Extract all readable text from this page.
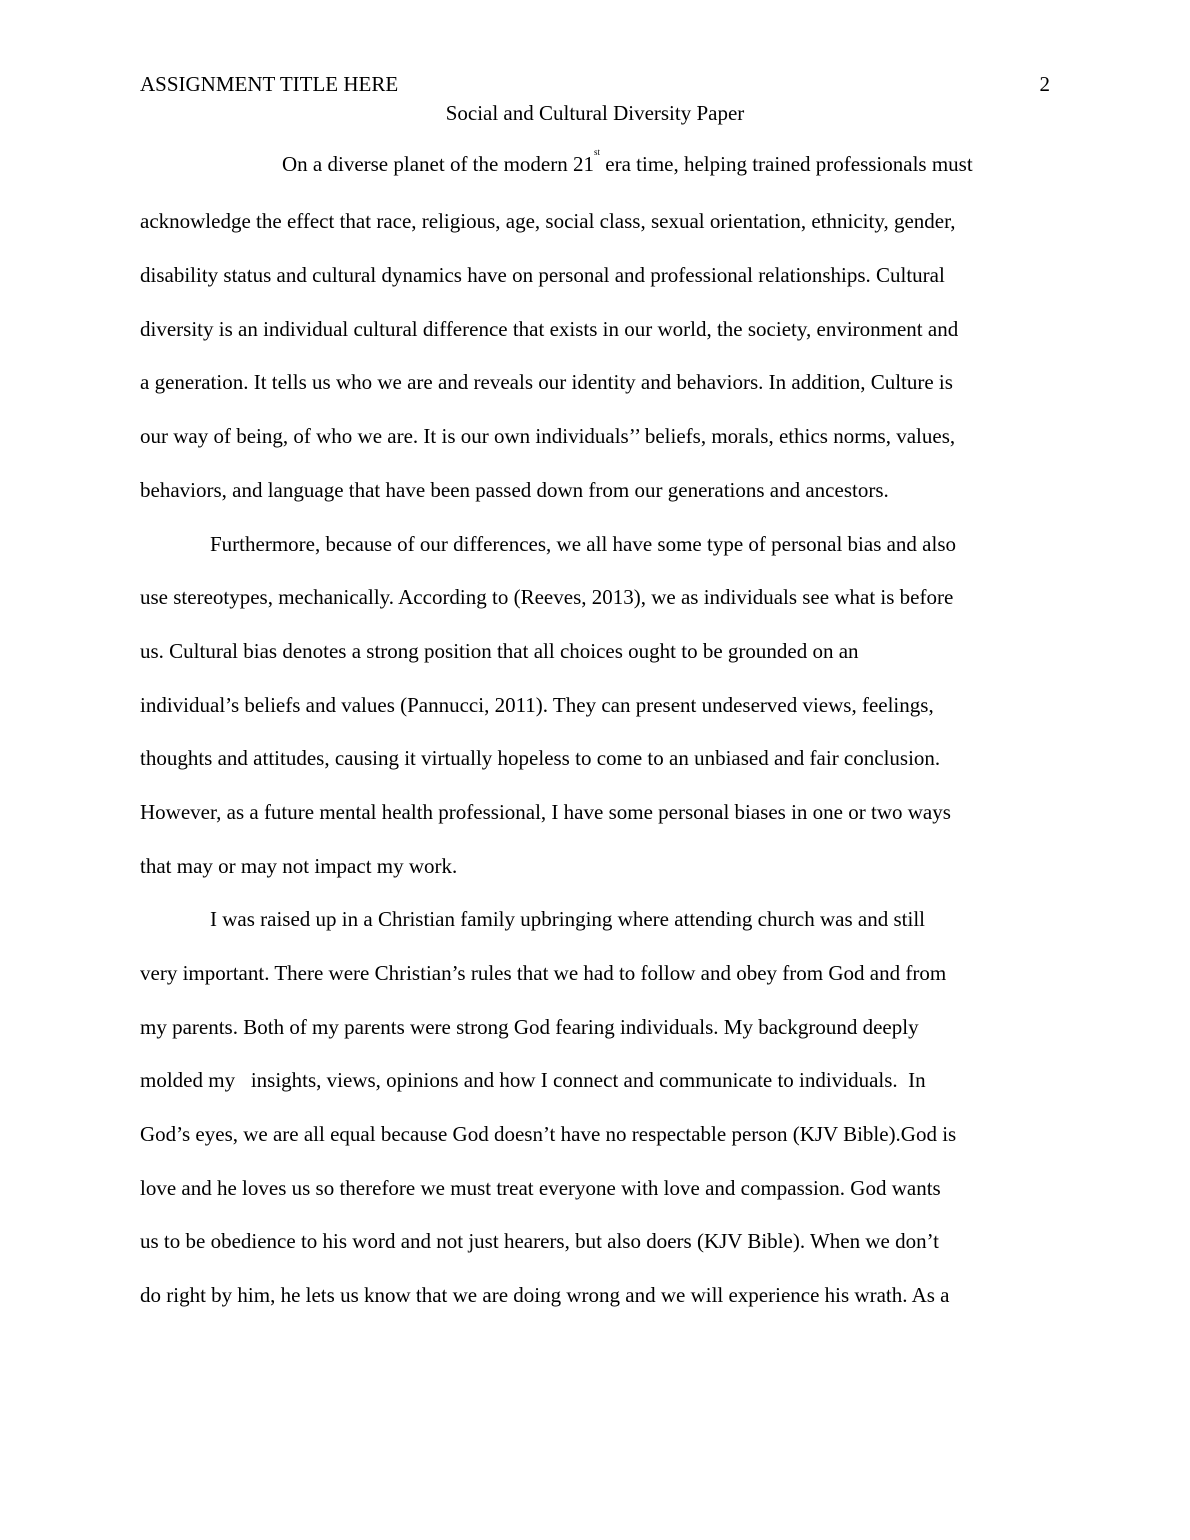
ASSIGNMENT TITLE HERE	2
Social and Cultural Diversity Paper
On a diverse planet of the modern 21st era time, helping trained professionals must
acknowledge the effect that race, religious, age, social class, sexual orientation, ethnicity, gender,
disability status and cultural dynamics have on personal and professional relationships. Cultural
diversity is an individual cultural difference that exists in our world, the society, environment and
a generation. It tells us who we are and reveals our identity and behaviors. In addition, Culture is
our way of being, of who we are. It is our own individuals’’ beliefs, morals, ethics norms, values,
behaviors, and language that have been passed down from our generations and ancestors.
Furthermore, because of our differences, we all have some type of personal bias and also
use stereotypes, mechanically. According to (Reeves, 2013), we as individuals see what is before
us. Cultural bias denotes a strong position that all choices ought to be grounded on an
individual’s beliefs and values (Pannucci, 2011). They can present undeserved views, feelings,
thoughts and attitudes, causing it virtually hopeless to come to an unbiased and fair conclusion.
However, as a future mental health professional, I have some personal biases in one or two ways
that may or may not impact my work.
I was raised up in a Christian family upbringing where attending church was and still
very important. There were Christian’s rules that we had to follow and obey from God and from
my parents. Both of my parents were strong God fearing individuals. My background deeply
molded my   insights, views, opinions and how I connect and communicate to individuals.  In
God’s eyes, we are all equal because God doesn’t have no respectable person (KJV Bible).God is
love and he loves us so therefore we must treat everyone with love and compassion. God wants
us to be obedience to his word and not just hearers, but also doers (KJV Bible). When we don’t
do right by him, he lets us know that we are doing wrong and we will experience his wrath. As a
